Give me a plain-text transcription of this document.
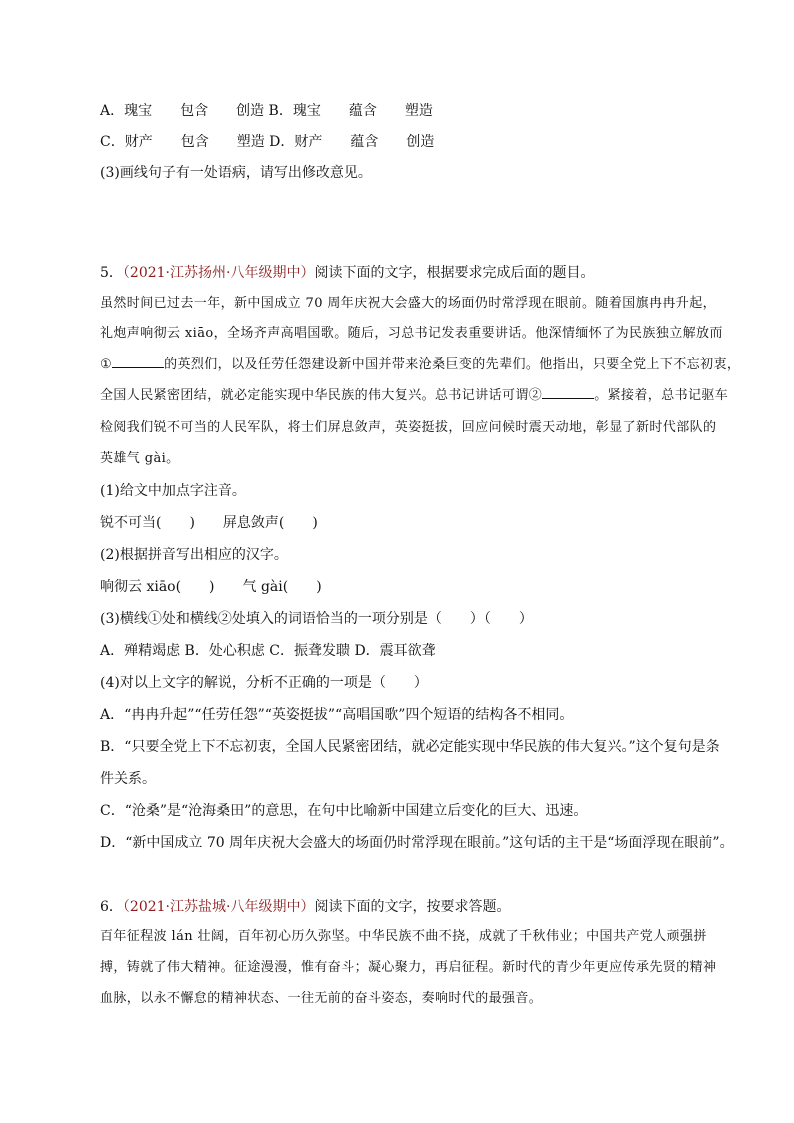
A．瑰宝　　包含　　创造 B．瑰宝　　蕴含　　塑造
C．财产　　包含　　塑造 D．财产　　蕴含　　创造
(3)画线句子有一处语病，请写出修改意见。
5．（2021·江苏扬州·八年级期中）阅读下面的文字，根据要求完成后面的题目。
虽然时间已过去一年，新中国成立 70 周年庆祝大会盛大的场面仍时常浮现在眼前。随着国旗冉冉升起，
礼炮声响彻云 xiāo，全场齐声高唱国歌。随后，习总书记发表重要讲话。他深情缅怀了为民族独立解放而
①	的英烈们，以及任劳任怨建设新中国并带来沧桑巨变的先辈们。他指出，只要全党上下不忘初衷，
全国人民紧密团结，就必定能实现中华民族的伟大复兴。总书记讲话可谓②	。紧接着，总书记驱车
检阅我们锐不可当的人民军队，将士们屏息敛声，英姿挺拔，回应问候时震天动地，彰显了新时代部队的
英雄气 gài。
(1)给文中加点字注音。
锐不可当(　　)　　屏息敛声(　　)
(2)根据拼音写出相应的汉字。
响彻云 xiāo(　　)　　气 gài(　　)
(3)横线①处和横线②处填入的词语恰当的一项分别是（　　）（　　）
A．殚精竭虑 B．处心积虑 C．振聋发聩 D．震耳欲聋
(4)对以上文字的解说，分析不正确的一项是（　　）
A．“冉冉升起”“任劳任怨”“英姿挺拔”“高唱国歌”四个短语的结构各不相同。
B．“只要全党上下不忘初衷，全国人民紧密团结，就必定能实现中华民族的伟大复兴。”这个复句是条
件关系。
C．“沧桑”是“沧海桑田”的意思，在句中比喻新中国建立后变化的巨大、迅速。
D．“新中国成立 70 周年庆祝大会盛大的场面仍时常浮现在眼前。”这句话的主干是“场面浮现在眼前”。
6．（2021·江苏盐城·八年级期中）阅读下面的文字，按要求答题。
百年征程波 lán 壮阔，百年初心历久弥坚。中华民族不曲不挠，成就了千秋伟业；中国共产党人顽强拼
搏，铸就了伟大精神。征途漫漫，惟有奋斗；凝心聚力，再启征程。新时代的青少年更应传承先贤的精神
血脉，以永不懈怠的精神状态、一往无前的奋斗姿态，奏响时代的最强音。
